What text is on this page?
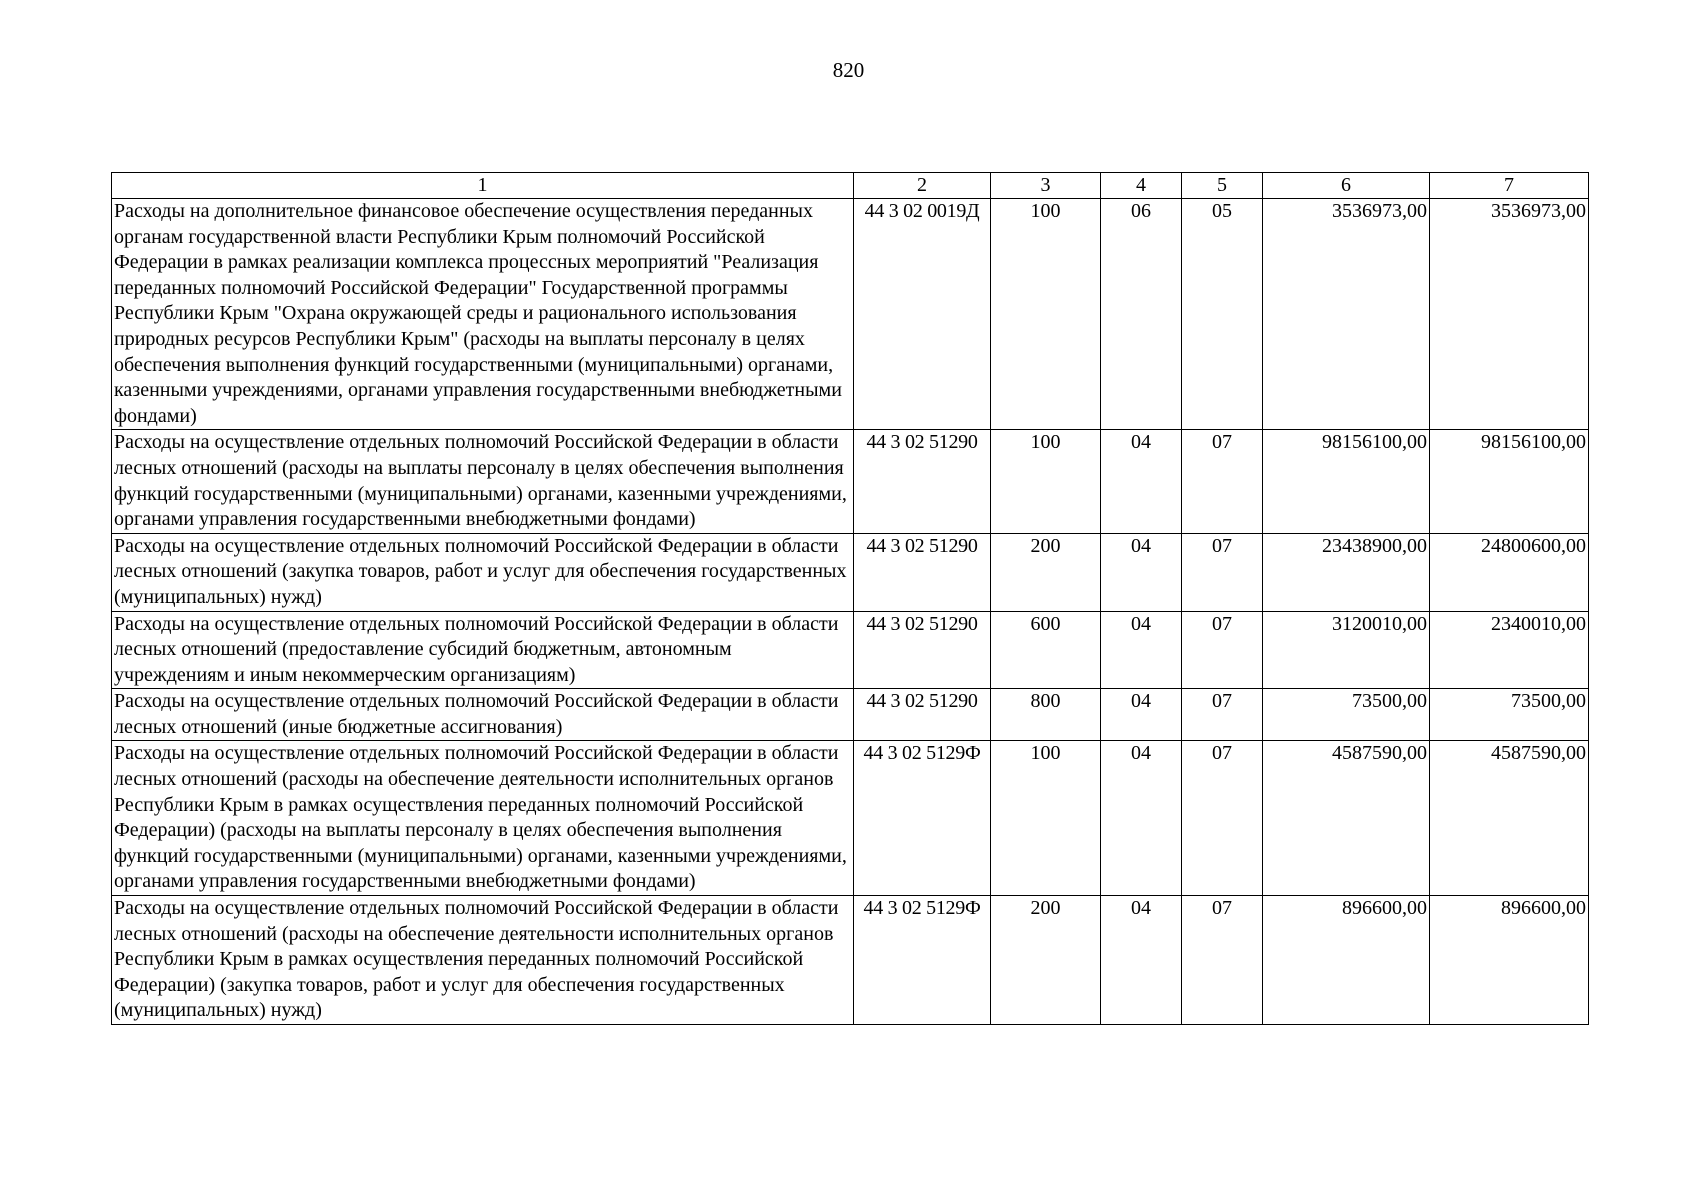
820
1	2	3	4	5	6	7
Расходы на дополнительное финансовое обеспечение осуществления переданных органам государственной власти Республики Крым полномочий Российской Федерации в рамках реализации комплекса процессных мероприятий "Реализация переданных полномочий Российской Федерации" Государственной программы Республики Крым "Охрана окружающей среды и рационального использования природных ресурсов Республики Крым" (расходы на выплаты персоналу в целях обеспечения выполнения функций государственными (муниципальными) органами, казенными учреждениями, органами управления государственными внебюджетными фондами)	44 3 02 0019Д	100	06	05	3536973,00	3536973,00
Расходы на осуществление отдельных полномочий Российской Федерации в области лесных отношений (расходы на выплаты персоналу в целях обеспечения выполнения функций государственными (муниципальными) органами, казенными учреждениями, органами управления государственными внебюджетными фондами)	44 3 02 51290	100	04	07	98156100,00	98156100,00
Расходы на осуществление отдельных полномочий Российской Федерации в области лесных отношений (закупка товаров, работ и услуг для обеспечения государственных (муниципальных) нужд)	44 3 02 51290	200	04	07	23438900,00	24800600,00
Расходы на осуществление отдельных полномочий Российской Федерации в области лесных отношений (предоставление субсидий бюджетным, автономным учреждениям и иным некоммерческим организациям)	44 3 02 51290	600	04	07	3120010,00	2340010,00
Расходы на осуществление отдельных полномочий Российской Федерации в области лесных отношений (иные бюджетные ассигнования)	44 3 02 51290	800	04	07	73500,00	73500,00
Расходы на осуществление отдельных полномочий Российской Федерации в области лесных отношений (расходы на обеспечение деятельности исполнительных органов Республики Крым в рамках осуществления переданных полномочий Российской Федерации) (расходы на выплаты персоналу в целях обеспечения выполнения функций государственными (муниципальными) органами, казенными учреждениями, органами управления государственными внебюджетными фондами)	44 3 02 5129Ф	100	04	07	4587590,00	4587590,00
Расходы на осуществление отдельных полномочий Российской Федерации в области лесных отношений (расходы на обеспечение деятельности исполнительных органов Республики Крым в рамках осуществления переданных полномочий Российской Федерации) (закупка товаров, работ и услуг для обеспечения государственных (муниципальных) нужд)	44 3 02 5129Ф	200	04	07	896600,00	896600,00
